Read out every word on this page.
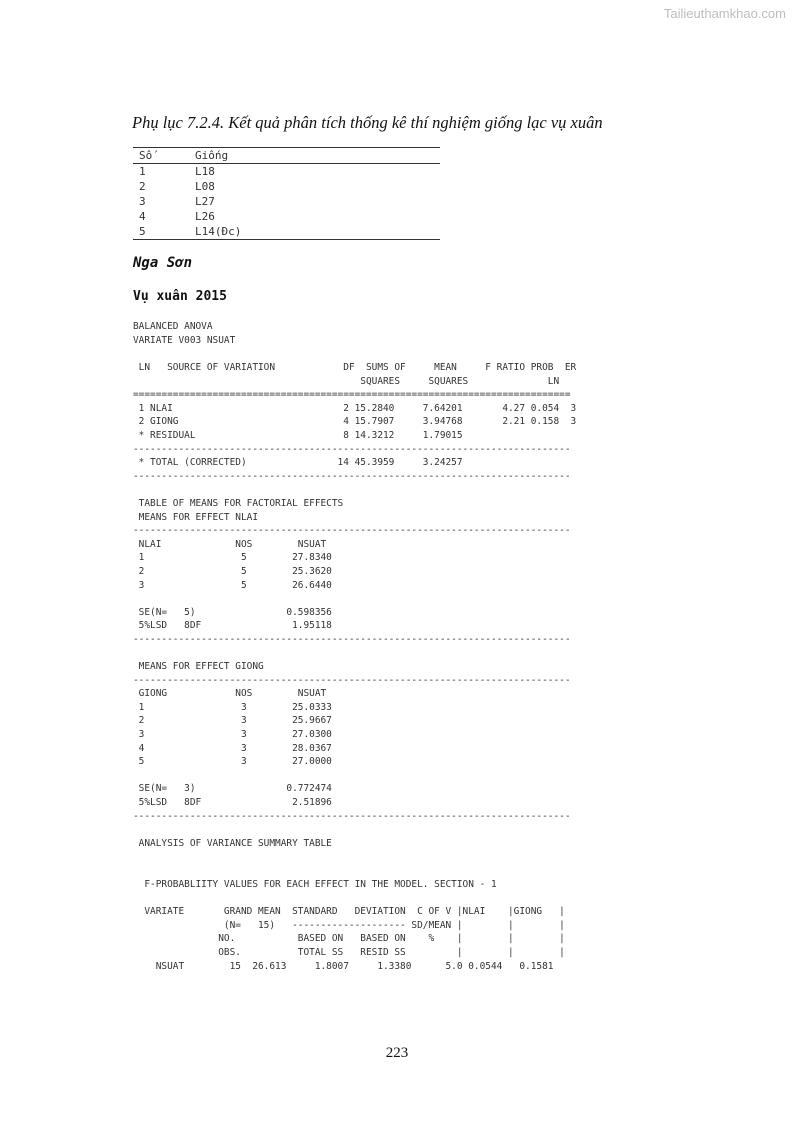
Tailieuthamkhao.com
Phụ lục 7.2.4. Kết quả phân tích thống kê thí nghiệm giống lạc vụ xuân
Số	Giống
1	L18
2	L08
3	L27
4	L26
5	L14(Đc)
Nga Sơn
Vụ xuân 2015
BALANCED ANOVA
VARIATE V003 NSUAT
LN   SOURCE OF VARIATION            DF  SUMS OF     MEAN     F RATIO PROB  ER
SQUARES     SQUARES              LN
=============================================================================
1 NLAI                              2 15.2840     7.64201       4.27 0.054  3
2 GIONG                             4 15.7907     3.94768       2.21 0.158  3
* RESIDUAL                          8 14.3212     1.79015
-----------------------------------------------------------------------------
* TOTAL (CORRECTED)                14 45.3959     3.24257
-----------------------------------------------------------------------------
TABLE OF MEANS FOR FACTORIAL EFFECTS
MEANS FOR EFFECT NLAI
-----------------------------------------------------------------------------
NLAI             NOS        NSUAT
1                 5        27.8340
2                 5        25.3620
3                 5        26.6440

SE(N=   5)                0.598356
5%LSD   8DF                1.95118
-----------------------------------------------------------------------------
MEANS FOR EFFECT GIONG
-----------------------------------------------------------------------------
GIONG            NOS        NSUAT
1                 3        25.0333
2                 3        25.9667
3                 3        27.0300
4                 3        28.0367
5                 3        27.0000

SE(N=   3)                0.772474
5%LSD   8DF                2.51896
-----------------------------------------------------------------------------
ANALYSIS OF VARIANCE SUMMARY TABLE
F-PROBABLIITY VALUES FOR EACH EFFECT IN THE MODEL. SECTION - 1

VARIATE       GRAND MEAN  STANDARD   DEVIATION  C OF V |NLAI    |GIONG   |
(N=   15)   -------------------- SD/MEAN |        |        |
NO.           BASED ON   BASED ON    %    |        |        |
OBS.          TOTAL SS   RESID SS         |        |        |
NSUAT        15  26.613     1.8007     1.3380      5.0 0.0544   0.1581
223
